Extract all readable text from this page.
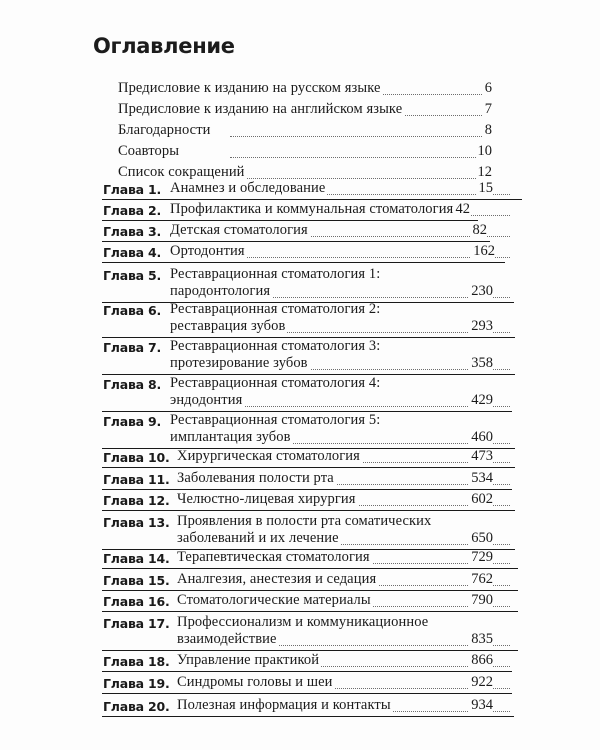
Оглавление
Предисловие к изданию на русском языке	6
Предисловие к изданию на английском языке	7
Благодарности	8
Соавторы	10
Список сокращений	12
Глава 1. Анамнез и обследование	15
Глава 2. Профилактика и коммунальная стоматология 42
Глава 3. Детская стоматология	82
Глава 4. Ортодонтия	162
Глава 5. Реставрационная стоматология 1:
пародонтология	230
Глава 6. Реставрационная стоматология 2:
реставрация зубов	293
Глава 7. Реставрационная стоматология 3:
протезирование зубов	358
Глава 8. Реставрационная стоматология 4:
эндодонтия	429
Глава 9. Реставрационная стоматология 5:
имплантация зубов	460
Глава 10. Хирургическая стоматология	473
Глава 11. Заболевания полости рта	534
Глава 12. Челюстно-лицевая хирургия	602
Глава 13. Проявления в полости рта соматических
заболеваний и их лечение	650
Глава 14. Терапевтическая стоматология	729
Глава 15. Аналгезия, анестезия и седация	762
Глава 16. Стоматологические материалы	790
Глава 17. Профессионализм и коммуникационное
взаимодействие	835
Глава 18. Управление практикой	866
Глава 19. Синдромы головы и шеи	922
Глава 20. Полезная информация и контакты	934
